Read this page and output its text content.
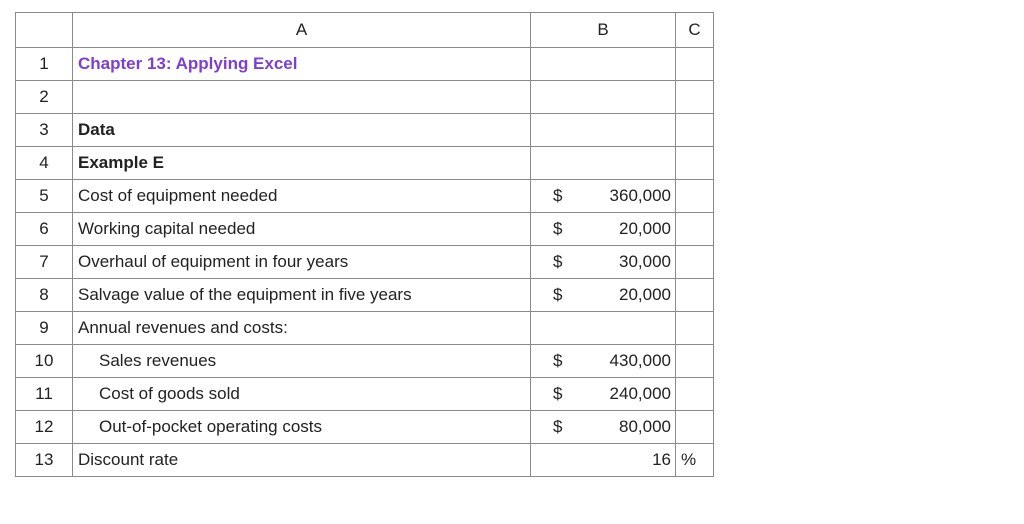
	A	B	C
1	Chapter 13: Applying Excel	

2		

3	Data	

4	Example E	

5	Cost of equipment needed	$ 360,000	

6	Working capital needed	$ 20,000	

7	Overhaul of equipment in four years	$ 30,000	

8	Salvage value of the equipment in five years	$ 20,000	

9	Annual revenues and costs:	

10	Sales revenues	$ 430,000	

11	Cost of goods sold	$ 240,000	

12	Out-of-pocket operating costs	$ 80,000	

13	Discount rate	16	%
